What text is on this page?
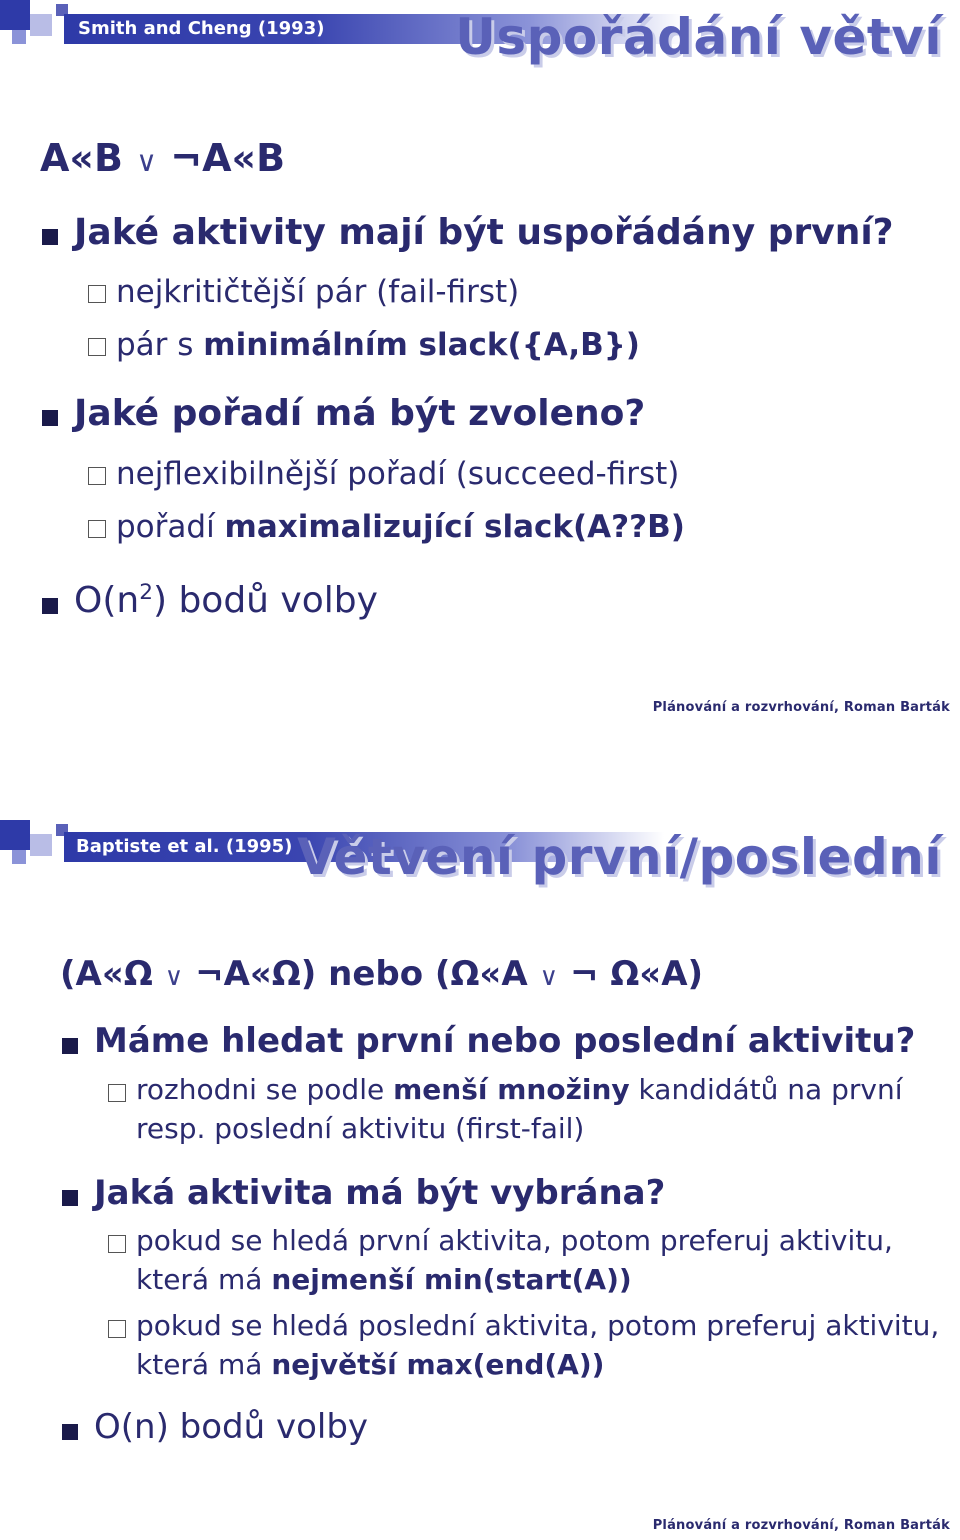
Smith and Cheng (1993)	Uspořádání větví
A«B ∨ ¬A«B
Jaké aktivity mají být uspořádány první?
nejkritičtější pár (fail-first)
pár s minimálním slack({A,B})
Jaké pořadí má být zvoleno?
nejflexibilnější pořadí (succeed-first)
pořadí maximalizující slack(A??B)
$O(n^2)$ bodů volby
Plánování a rozvrhování, Roman Barták
Baptiste et al. (1995) Větvení první/poslední
(A«Ω ∨ ¬A«Ω) nebo (Ω«A ∨ ¬ Ω«A)
Máme hledat první nebo poslední aktivitu?
rozhodni se podle menší množiny kandidátů na první
resp. poslední aktivitu (first-fail)
Jaká aktivita má být vybrána?
pokud se hledá první aktivita, potom preferuj aktivitu,
která má nejmenší min(start(A))
pokud se hledá poslední aktivita, potom preferuj aktivitu,
která má největší max(end(A))
O(n) bodů volby
Plánování a rozvrhování, Roman Barták
